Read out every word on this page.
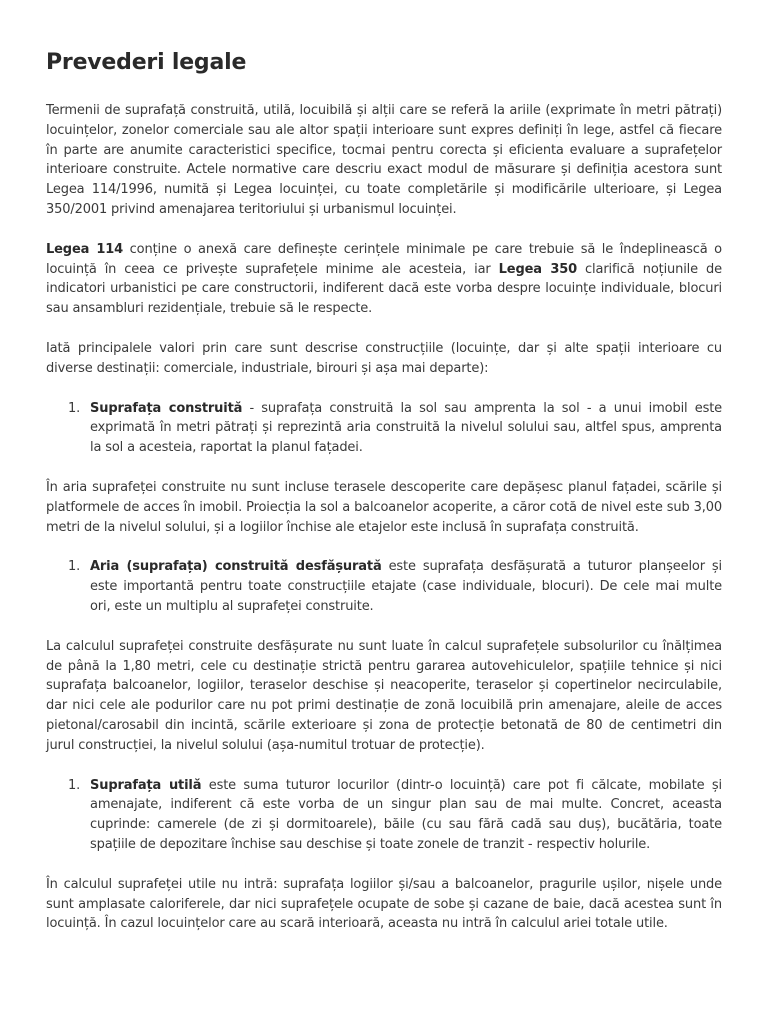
Prevederi legale

Termenii de suprafață construită, utilă, locuibilă și alții care se referă la ariile (exprimate în metri pătrați) locuințelor, zonelor comerciale sau ale altor spații interioare sunt expres definiți în lege, astfel că fiecare în parte are anumite caracteristici specifice, tocmai pentru corecta și eficienta evaluare a suprafețelor interioare construite. Actele normative care descriu exact modul de măsurare și definiția acestora sunt Legea 114/1996, numită și Legea locuinței, cu toate completările și modificările ulterioare, și Legea 350/2001 privind amenajarea teritoriului și urbanismul locuinței.

Legea 114 conține o anexă care definește cerințele minimale pe care trebuie să le îndeplinească o locuință în ceea ce privește suprafețele minime ale acesteia, iar Legea 350 clarifică noțiunile de indicatori urbanistici pe care constructorii, indiferent dacă este vorba despre locuințe individuale, blocuri sau ansambluri rezidențiale, trebuie să le respecte.

Iată principalele valori prin care sunt descrise construcțiile (locuințe, dar și alte spații interioare cu diverse destinații: comerciale, industriale, birouri și așa mai departe):

1. Suprafața construită - suprafața construită la sol sau amprenta la sol - a unui imobil este exprimată în metri pătrați și reprezintă aria construită la nivelul solului sau, altfel spus, amprenta la sol a acesteia, raportat la planul fațadei.

În aria suprafeței construite nu sunt incluse terasele descoperite care depășesc planul fațadei, scările și platformele de acces în imobil. Proiecția la sol a balcoanelor acoperite, a căror cotă de nivel este sub 3,00 metri de la nivelul solului, și a logiilor închise ale etajelor este inclusă în suprafața construită.

1. Aria (suprafața) construită desfășurată este suprafața desfășurată a tuturor planșeelor și este importantă pentru toate construcțiile etajate (case individuale, blocuri). De cele mai multe ori, este un multiplu al suprafeței construite.

La calculul suprafeței construite desfășurate nu sunt luate în calcul suprafețele subsolurilor cu înălțimea de până la 1,80 metri, cele cu destinație strictă pentru gararea autovehiculelor, spațiile tehnice și nici suprafața balcoanelor, logiilor, teraselor deschise și neacoperite, teraselor și copertinelor necirculabile, dar nici cele ale podurilor care nu pot primi destinație de zonă locuibilă prin amenajare, aleile de acces pietonal/carosabil din incintă, scările exterioare și zona de protecție betonată de 80 de centimetri din jurul construcției, la nivelul solului (așa-numitul trotuar de protecție).

1. Suprafața utilă este suma tuturor locurilor (dintr-o locuință) care pot fi călcate, mobilate și amenajate, indiferent că este vorba de un singur plan sau de mai multe. Concret, aceasta cuprinde: camerele (de zi și dormitoarele), băile (cu sau fără cadă sau duș), bucătăria, toate spațiile de depozitare închise sau deschise și toate zonele de tranzit - respectiv holurile.

În calculul suprafeței utile nu intră: suprafața logiilor și/sau a balcoanelor, pragurile ușilor, nișele unde sunt amplasate caloriferele, dar nici suprafețele ocupate de sobe și cazane de baie, dacă acestea sunt în locuință. În cazul locuințelor care au scară interioară, aceasta nu intră în calculul ariei totale utile.
